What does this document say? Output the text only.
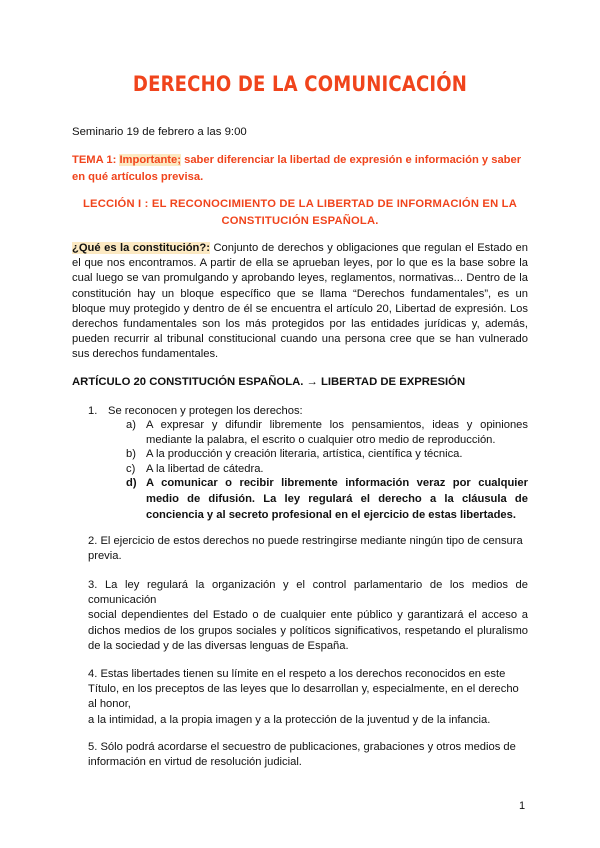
DERECHO DE LA COMUNICACIÓN
Seminario 19 de febrero a las 9:00
TEMA 1: Importante; saber diferenciar la libertad de expresión e información y saber en qué artículos previsa.
LECCIÓN I : EL RECONOCIMIENTO DE LA LIBERTAD DE INFORMACIÓN EN LA CONSTITUCIÓN ESPAÑOLA.
¿Qué es la constitución?: Conjunto de derechos y obligaciones que regulan el Estado en el que nos encontramos. A partir de ella se aprueban leyes, por lo que es la base sobre la cual luego se van promulgando y aprobando leyes, reglamentos, normativas... Dentro de la constitución hay un bloque específico que se llama “Derechos fundamentales”, es un bloque muy protegido y dentro de él se encuentra el artículo 20, Libertad de expresión. Los derechos fundamentales son los más protegidos por las entidades jurídicas y, además, pueden recurrir al tribunal constitucional cuando una persona cree que se han vulnerado sus derechos fundamentales.
ARTÍCULO 20 CONSTITUCIÓN ESPAÑOLA. → LIBERTAD DE EXPRESIÓN
1. Se reconocen y protegen los derechos:
a) A expresar y difundir libremente los pensamientos, ideas y opiniones mediante la palabra, el escrito o cualquier otro medio de reproducción.
b) A la producción y creación literaria, artística, científica y técnica.
c) A la libertad de cátedra.
d) A comunicar o recibir libremente información veraz por cualquier medio de difusión. La ley regulará el derecho a la cláusula de conciencia y al secreto profesional en el ejercicio de estas libertades.
2. El ejercicio de estos derechos no puede restringirse mediante ningún tipo de censura previa.
3. La ley regulará la organización y el control parlamentario de los medios de comunicación
social dependientes del Estado o de cualquier ente público y garantizará el acceso a dichos medios de los grupos sociales y políticos significativos, respetando el pluralismo de la sociedad y de las diversas lenguas de España.
4. Estas libertades tienen su límite en el respeto a los derechos reconocidos en este Título, en los preceptos de las leyes que lo desarrollan y, especialmente, en el derecho al honor,
a la intimidad, a la propia imagen y a la protección de la juventud y de la infancia.
5. Sólo podrá acordarse el secuestro de publicaciones, grabaciones y otros medios de información en virtud de resolución judicial.
1
